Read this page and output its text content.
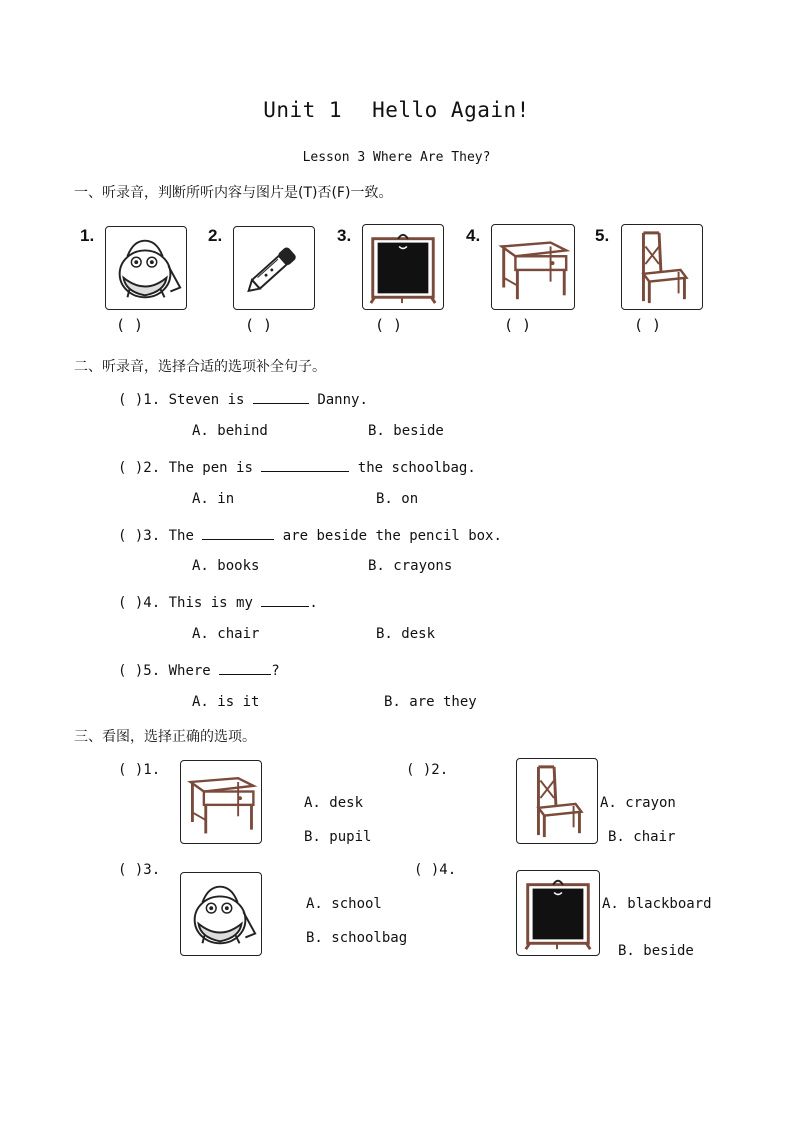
Unit 1 Hello Again!
Lesson 3 Where Are They?
一、听录音，判断所听内容与图片是(T)否(F)一致。
1.
( )
2.
( )
3.
( )
4.
( )
5.
( )
二、听录音，选择合适的选项补全句子。
( )1. Steven is	Danny.
A. behind	B. beside
( )2. The pen is	the schoolbag.
A. in	B. on
( )3. The	are beside the pencil box.
A. books	B. crayons
( )4. This is my	.
A. chair	B. desk
( )5. Where	?
A. is it	B. are they
三、看图，选择正确的选项。
( )1.
A. desk
B. pupil
( )2.
A. crayon
B. chair
( )3.
A. school
B. schoolbag
( )4.
A. blackboard
B. beside
